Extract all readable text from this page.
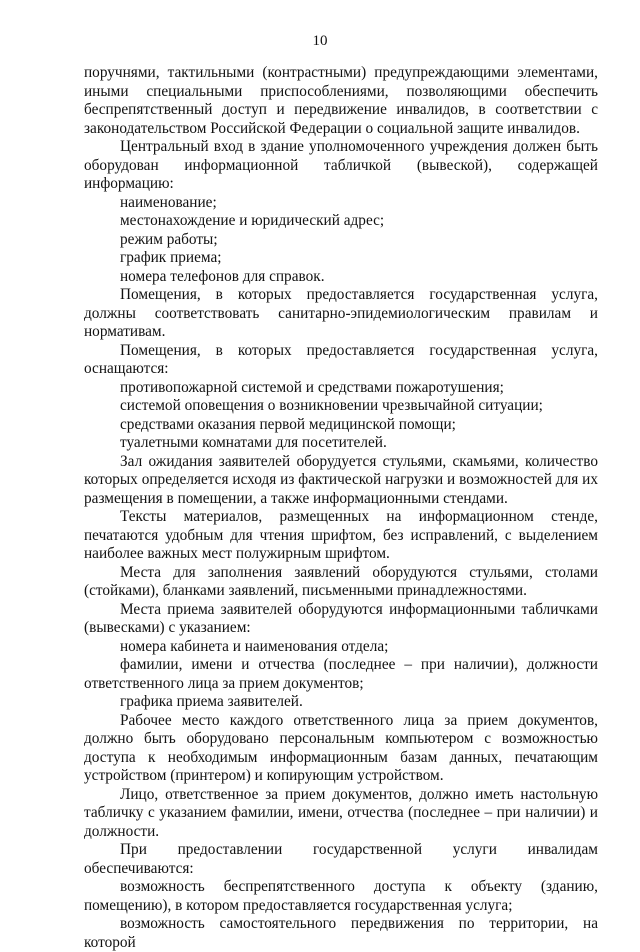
10

поручнями, тактильными (контрастными) предупреждающими элементами, иными специальными приспособлениями, позволяющими обеспечить беспрепятственный доступ и передвижение инвалидов, в соответствии с законодательством Российской Федерации о социальной защите инвалидов.

Центральный вход в здание уполномоченного учреждения должен быть оборудован информационной табличкой (вывеской), содержащей информацию:

наименование;

местонахождение и юридический адрес;

режим работы;

график приема;

номера телефонов для справок.

Помещения, в которых предоставляется государственная услуга, должны соответствовать санитарно-эпидемиологическим правилам и нормативам.

Помещения, в которых предоставляется государственная услуга, оснащаются:

противопожарной системой и средствами пожаротушения;

системой оповещения о возникновении чрезвычайной ситуации;

средствами оказания первой медицинской помощи;

туалетными комнатами для посетителей.

Зал ожидания заявителей оборудуется стульями, скамьями, количество которых определяется исходя из фактической нагрузки и возможностей для их размещения в помещении, а также информационными стендами.

Тексты материалов, размещенных на информационном стенде, печатаются удобным для чтения шрифтом, без исправлений, с выделением наиболее важных мест полужирным шрифтом.

Места для заполнения заявлений оборудуются стульями, столами (стойками), бланками заявлений, письменными принадлежностями.

Места приема заявителей оборудуются информационными табличками (вывесками) с указанием:

номера кабинета и наименования отдела;

фамилии, имени и отчества (последнее – при наличии), должности ответственного лица за прием документов;

графика приема заявителей.

Рабочее место каждого ответственного лица за прием документов, должно быть оборудовано персональным компьютером с возможностью доступа к необходимым информационным базам данных, печатающим устройством (принтером) и копирующим устройством.

Лицо, ответственное за прием документов, должно иметь настольную табличку с указанием фамилии, имени, отчества (последнее – при наличии) и должности.

При предоставлении государственной услуги инвалидам обеспечиваются:

возможность беспрепятственного доступа к объекту (зданию, помещению), в котором предоставляется государственная услуга;

возможность самостоятельного передвижения по территории, на которой
